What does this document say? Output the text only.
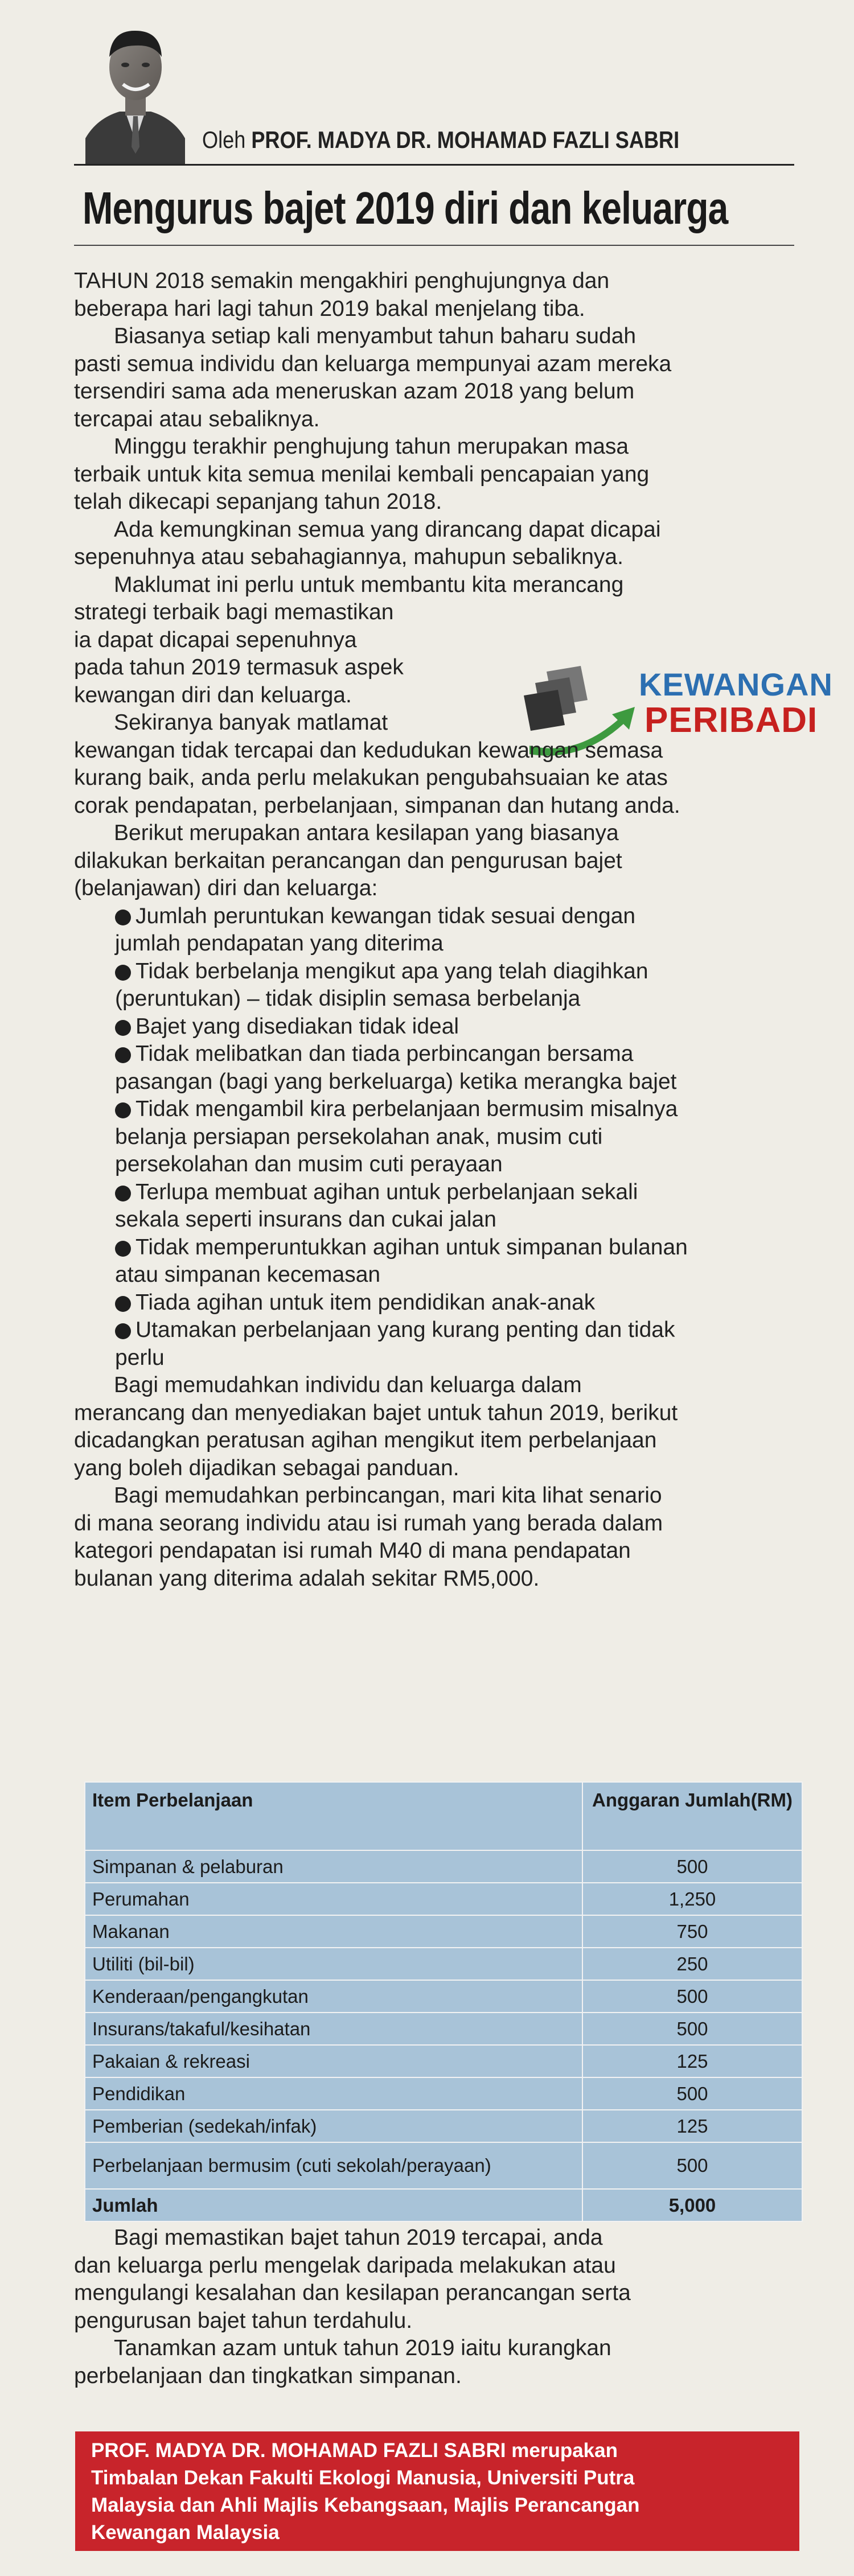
Oleh PROF. MADYA DR. MOHAMAD FAZLI SABRI
Mengurus bajet 2019 diri dan keluarga
KEWANGAN
PERIBADI
TAHUN 2018 semakin mengakhiri penghujungnya dan
beberapa hari lagi tahun 2019 bakal menjelang tiba.
Biasanya setiap kali menyambut tahun baharu sudah
pasti semua individu dan keluarga mempunyai azam mereka
tersendiri sama ada meneruskan azam 2018 yang belum
tercapai atau sebaliknya.
Minggu terakhir penghujung tahun merupakan masa
terbaik untuk kita semua menilai kembali pencapaian yang
telah dikecapi sepanjang tahun 2018.
Ada kemungkinan semua yang dirancang dapat dicapai
sepenuhnya atau sebahagiannya, mahupun sebaliknya.
Maklumat ini perlu untuk membantu kita merancang
strategi terbaik bagi memastikan
ia dapat dicapai sepenuhnya
pada tahun 2019 termasuk aspek
kewangan diri dan keluarga.
Sekiranya banyak matlamat
kewangan tidak tercapai dan kedudukan kewangan semasa
kurang baik, anda perlu melakukan pengubahsuaian ke atas
corak pendapatan, perbelanjaan, simpanan dan hutang anda.
Berikut merupakan antara kesilapan yang biasanya
dilakukan berkaitan perancangan dan pengurusan bajet
(belanjawan) diri dan keluarga:
Jumlah peruntukan kewangan tidak sesuai dengan
jumlah pendapatan yang diterima
Tidak berbelanja mengikut apa yang telah diagihkan
(peruntukan) – tidak disiplin semasa berbelanja
Bajet yang disediakan tidak ideal
Tidak melibatkan dan tiada perbincangan bersama
pasangan (bagi yang berkeluarga) ketika merangka bajet
Tidak mengambil kira perbelanjaan bermusim misalnya
belanja persiapan persekolahan anak, musim cuti
persekolahan dan musim cuti perayaan
Terlupa membuat agihan untuk perbelanjaan sekali
sekala seperti insurans dan cukai jalan
Tidak memperuntukkan agihan untuk simpanan bulanan
atau simpanan kecemasan
Tiada agihan untuk item pendidikan anak-anak
Utamakan perbelanjaan yang kurang penting dan tidak
perlu
Bagi memudahkan individu dan keluarga dalam
merancang dan menyediakan bajet untuk tahun 2019, berikut
dicadangkan peratusan agihan mengikut item perbelanjaan
yang boleh dijadikan sebagai panduan.
Bagi memudahkan perbincangan, mari kita lihat senario
di mana seorang individu atau isi rumah yang berada dalam
kategori pendapatan isi rumah M40 di mana pendapatan
bulanan yang diterima adalah sekitar RM5,000.
Item Perbelanjaan	Anggaran Jumlah(RM)
Simpanan & pelaburan	500
Perumahan	1,250
Makanan	750
Utiliti (bil-bil)	250
Kenderaan/pengangkutan	500
Insurans/takaful/kesihatan	500
Pakaian & rekreasi	125
Pendidikan	500
Pemberian (sedekah/infak)	125
Perbelanjaan bermusim (cuti sekolah/perayaan)	500
Jumlah	5,000
Bagi memastikan bajet tahun 2019 tercapai, anda
dan keluarga perlu mengelak daripada melakukan atau
mengulangi kesalahan dan kesilapan perancangan serta
pengurusan bajet tahun terdahulu.
Tanamkan azam untuk tahun 2019 iaitu kurangkan
perbelanjaan dan tingkatkan simpanan.
PROF. MADYA DR. MOHAMAD FAZLI SABRI merupakan
Timbalan Dekan Fakulti Ekologi Manusia, Universiti Putra
Malaysia dan Ahli Majlis Kebangsaan, Majlis Perancangan
Kewangan Malaysia
